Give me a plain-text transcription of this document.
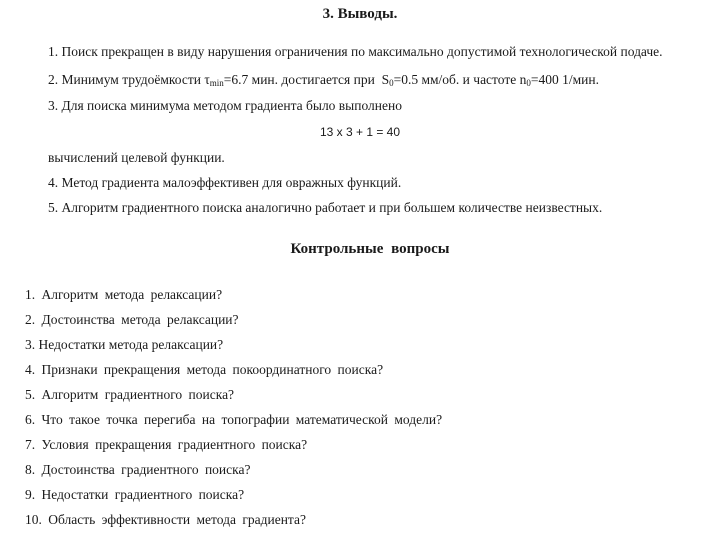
3. Выводы.
1. Поиск прекращен в виду нарушения ограничения по максимально допустимой технологической подаче.
2. Минимум трудоёмкости $\tau_{min}=6.7$ мин. достигается при $S_0=0.5$ мм/об. и частоте $n_0=400$ 1/мин.
3. Для поиска минимума методом градиента было выполнено
13 x 3 + 1 = 40
вычислений целевой функции.
4. Метод градиента малоэффективен для овражных функций.
5. Алгоритм градиентного поиска аналогично работает и при большем количестве неизвестных.
Контрольные вопросы
1. Алгоритм метода релаксации?
2. Достоинства метода релаксации?
3. Недостатки метода релаксации?
4. Признаки прекращения метода покоординатного поиска?
5. Алгоритм градиентного поиска?
6. Что такое точка перегиба на топографии математической модели?
7. Условия прекращения градиентного поиска?
8. Достоинства градиентного поиска?
9. Недостатки градиентного поиска?
10. Область эффективности метода градиента?
